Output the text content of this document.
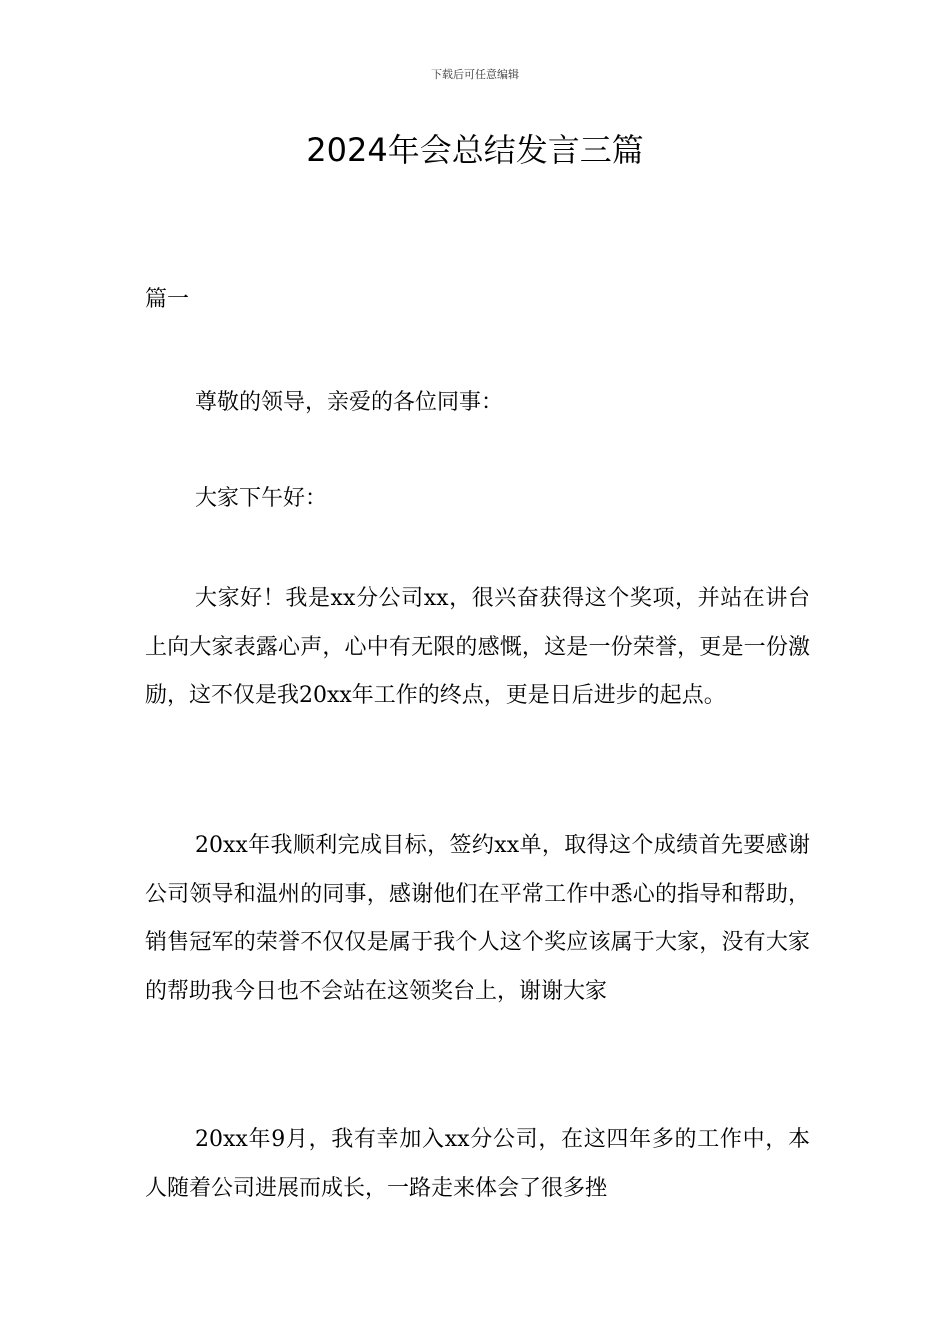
下载后可任意编辑
2024年会总结发言三篇
篇一

尊敬的领导，亲爱的各位同事：

大家下午好：

大家好！我是xx分公司xx，很兴奋获得这个奖项，并站在讲台上向大家表露心声，心中有无限的感慨，这是一份荣誉，更是一份激励，这不仅是我20xx年工作的终点，更是日后进步的起点。

20xx年我顺利完成目标，签约xx单，取得这个成绩首先要感谢公司领导和温州的同事，感谢他们在平常工作中悉心的指导和帮助，销售冠军的荣誉不仅仅是属于我个人这个奖应该属于大家，没有大家的帮助我今日也不会站在这领奖台上，谢谢大家

20xx年9月，我有幸加入xx分公司，在这四年多的工作中，本人随着公司进展而成长，一路走来体会了很多挫
